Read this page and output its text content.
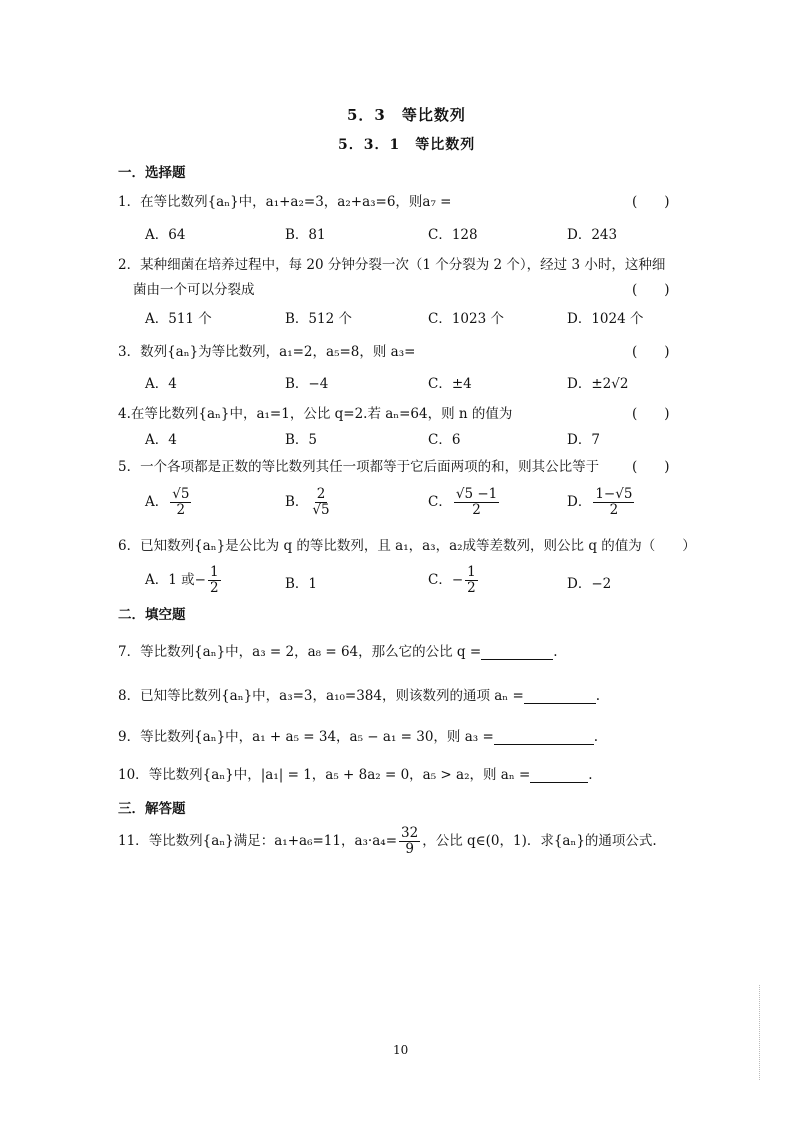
5．3　等比数列
5．3．1　等比数列
一．选择题
1．在等比数列{aₙ}中，a₁+a₂=3，a₂+a₃=6，则a₇ =	(　　)
A．64	B．81	C．128	D．243
2．某种细菌在培养过程中，每 20 分钟分裂一次（1 个分裂为 2 个），经过 3 小时，这种细
菌由一个可以分裂成	(　　)
A．511 个	B．512 个	C．1023 个	D．1024 个
3．数列{aₙ}为等比数列，a₁=2，a₅=8，则 a₃=	(　　)
A．4	B．−4	C．±4	D．±2√2
4.在等比数列{aₙ}中，a₁=1，公比 q=2.若 aₙ=64，则 n 的值为	(　　)
A．4	B．5	C．6	D．7
5．一个各项都是正数的等比数列其任一项都等于它后面两项的和，则其公比等于 (　　)
A． $\frac{√5}{2}$	B． $\frac{2}{√5}$	C． $\frac{√5 -1}{2}$	D． $\frac{1-√5}{2}$
6．已知数列{aₙ}是公比为 q 的等比数列，且 a₁，a₃，a₂成等差数列，则公比 q 的值为（　　）
A．1 或− $\frac{1}{2}$	B．1	C．− $\frac{1}{2}$	D．−2
二．填空题
7．等比数列{aₙ}中，a₃ = 2，a₈ = 64，那么它的公比 q =	.
8．已知等比数列{aₙ}中，a₃=3，a₁₀=384，则该数列的通项 aₙ =	.
9．等比数列{aₙ}中，a₁ + a₅ = 34，a₅ − a₁ = 30，则 a₃ =	.
10．等比数列{aₙ}中，|a₁| = 1，a₅ + 8a₂ = 0，a₅ > a₂，则 aₙ =	.
三．解答题
11．等比数列{aₙ}满足：a₁+a₆=11，$a_3\cdot a_4= \frac{32}{9}$ ，公比 q∈(0，1)．求{aₙ}的通项公式.
10
